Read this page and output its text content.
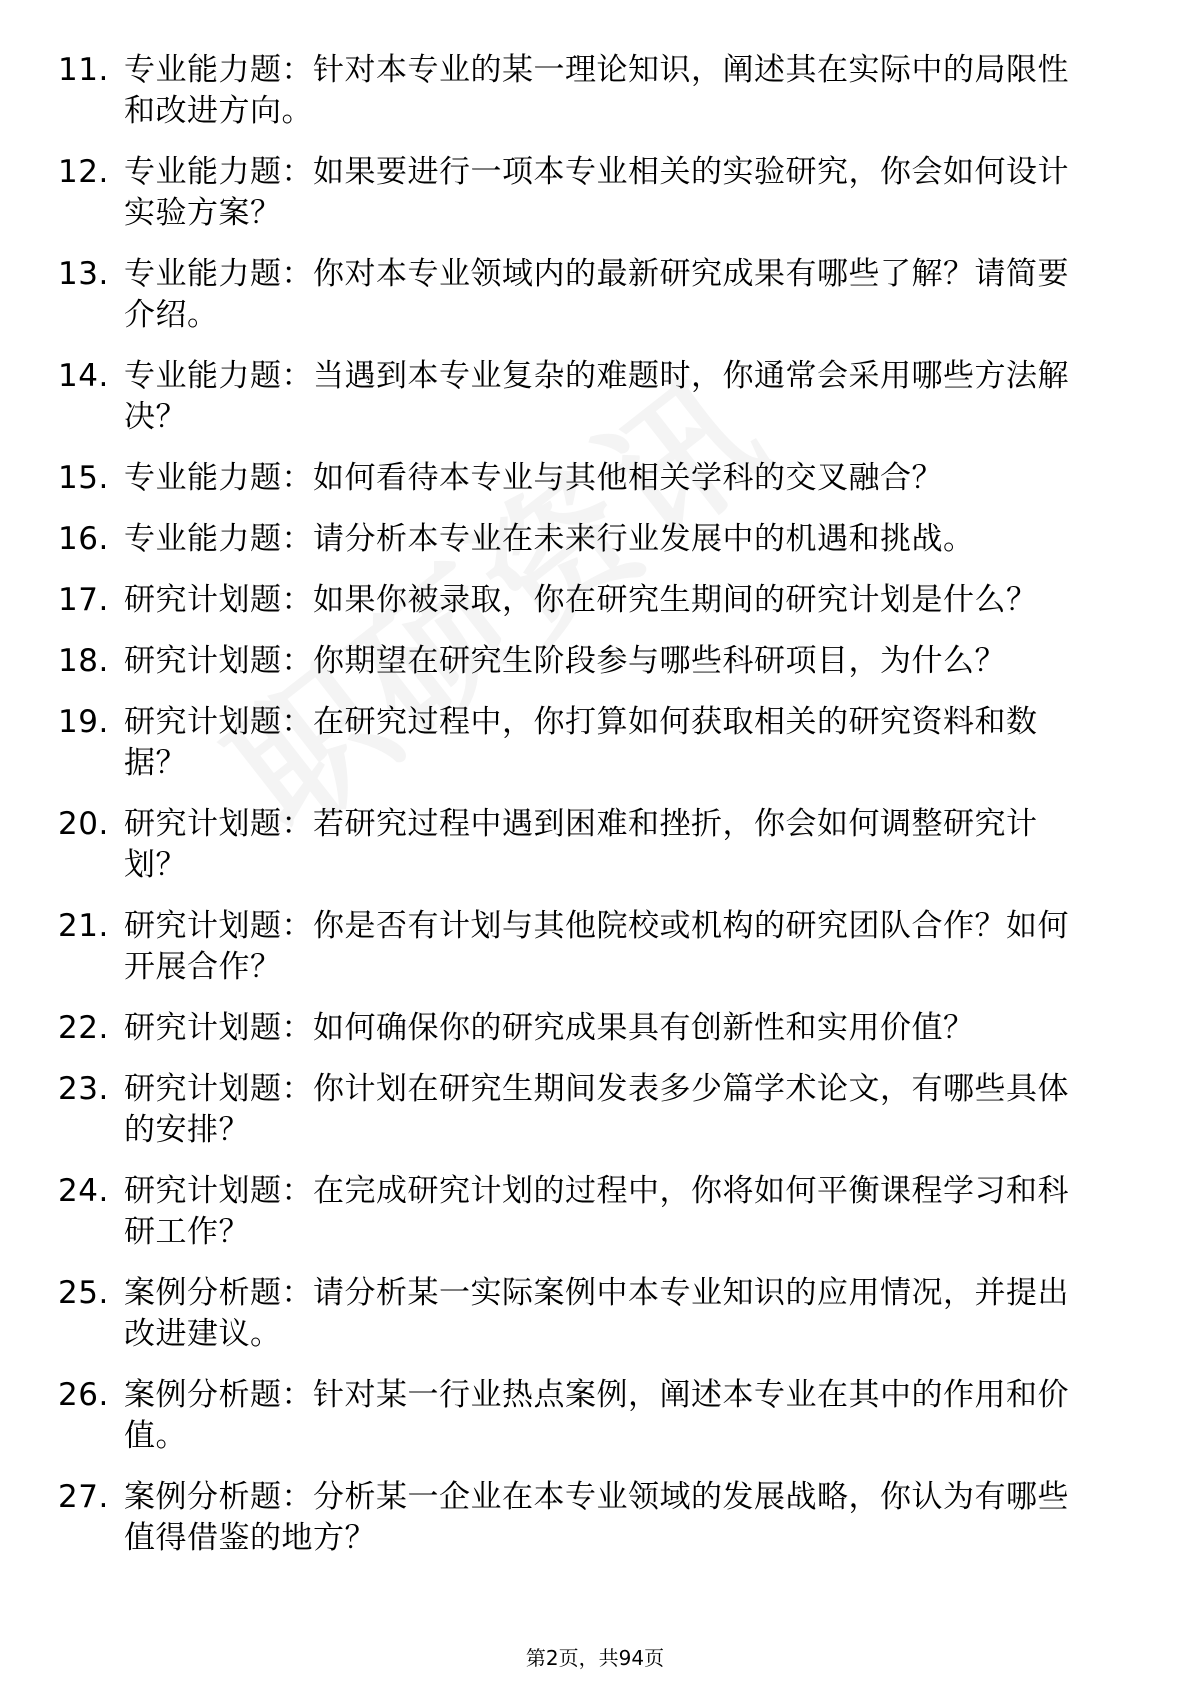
11. 专业能力题：针对本专业的某一理论知识，阐述其在实际中的局限性和改进方向。
12. 专业能力题：如果要进行一项本专业相关的实验研究，你会如何设计实验方案？
13. 专业能力题：你对本专业领域内的最新研究成果有哪些了解？请简要介绍。
14. 专业能力题：当遇到本专业复杂的难题时，你通常会采用哪些方法解决？
15. 专业能力题：如何看待本专业与其他相关学科的交叉融合？
16. 专业能力题：请分析本专业在未来行业发展中的机遇和挑战。
17. 研究计划题：如果你被录取，你在研究生期间的研究计划是什么？
18. 研究计划题：你期望在研究生阶段参与哪些科研项目，为什么？
19. 研究计划题：在研究过程中，你打算如何获取相关的研究资料和数据？
20. 研究计划题：若研究过程中遇到困难和挫折，你会如何调整研究计划？
21. 研究计划题：你是否有计划与其他院校或机构的研究团队合作？如何开展合作？
22. 研究计划题：如何确保你的研究成果具有创新性和实用价值？
23. 研究计划题：你计划在研究生期间发表多少篇学术论文，有哪些具体的安排？
24. 研究计划题：在完成研究计划的过程中，你将如何平衡课程学习和科研工作？
25. 案例分析题：请分析某一实际案例中本专业知识的应用情况，并提出改进建议。
26. 案例分析题：针对某一行业热点案例，阐述本专业在其中的作用和价值。
27. 案例分析题：分析某一企业在本专业领域的发展战略，你认为有哪些值得借鉴的地方？
第2页，共94页
